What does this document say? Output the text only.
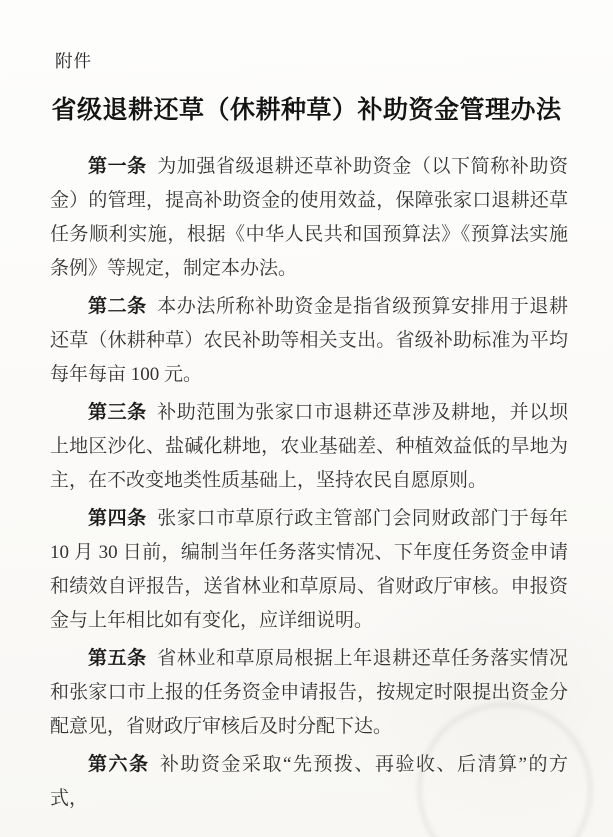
附件
省级退耕还草（休耕种草）补助资金管理办法

第一条 为加强省级退耕还草补助资金（以下简称补助资金）的管理，提高补助资金的使用效益，保障张家口退耕还草任务顺利实施，根据《中华人民共和国预算法》《预算法实施条例》等规定，制定本办法。

第二条 本办法所称补助资金是指省级预算安排用于退耕还草（休耕种草）农民补助等相关支出。省级补助标准为平均每年每亩 100 元。

第三条 补助范围为张家口市退耕还草涉及耕地，并以坝上地区沙化、盐碱化耕地，农业基础差、种植效益低的旱地为主，在不改变地类性质基础上，坚持农民自愿原则。

第四条 张家口市草原行政主管部门会同财政部门于每年 10 月 30 日前，编制当年任务落实情况、下年度任务资金申请和绩效自评报告，送省林业和草原局、省财政厅审核。申报资金与上年相比如有变化，应详细说明。

第五条 省林业和草原局根据上年退耕还草任务落实情况和张家口市上报的任务资金申请报告，按规定时限提出资金分配意见，省财政厅审核后及时分配下达。

第六条 补助资金采取“先预拨、再验收、后清算”的方式，
